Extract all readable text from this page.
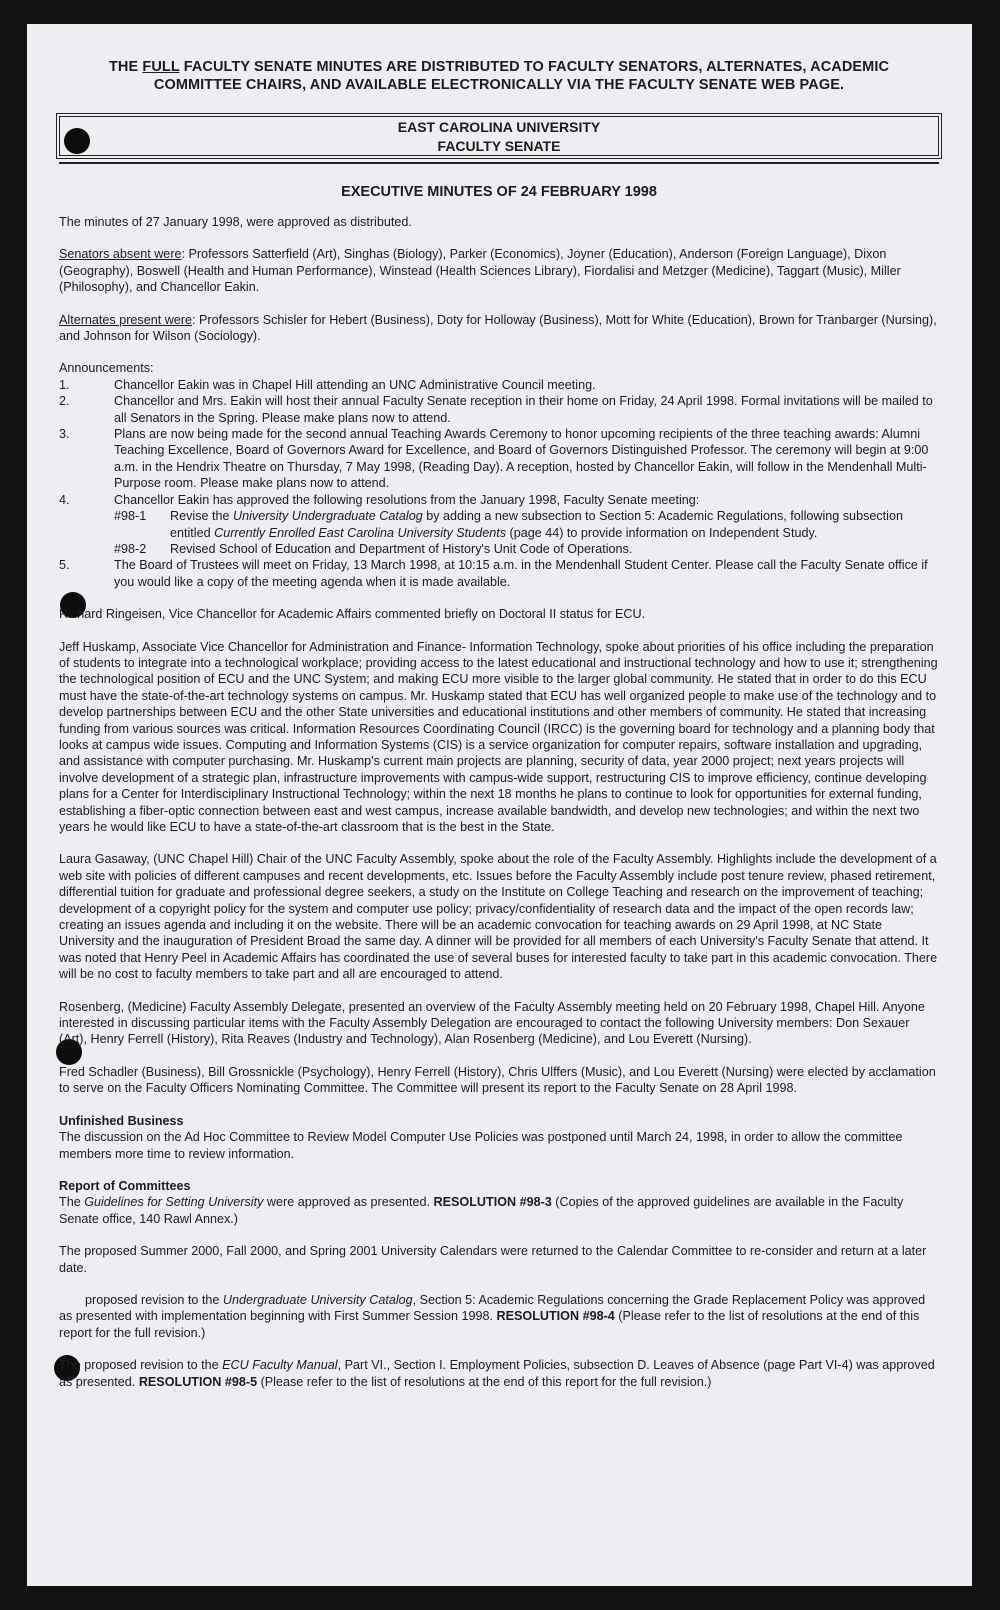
THE FULL FACULTY SENATE MINUTES ARE DISTRIBUTED TO FACULTY SENATORS, ALTERNATES, ACADEMIC COMMITTEE CHAIRS, AND AVAILABLE ELECTRONICALLY VIA THE FACULTY SENATE WEB PAGE.
EAST CAROLINA UNIVERSITY
FACULTY SENATE
EXECUTIVE MINUTES OF 24 FEBRUARY 1998

The minutes of 27 January 1998, were approved as distributed.

Senators absent were: Professors Satterfield (Art), Singhas (Biology), Parker (Economics), Joyner (Education), Anderson (Foreign Language), Dixon (Geography), Boswell (Health and Human Performance), Winstead (Health Sciences Library), Fiordalisi and Metzger (Medicine), Taggart (Music), Miller (Philosophy), and Chancellor Eakin.

Alternates present were: Professors Schisler for Hebert (Business), Doty for Holloway (Business), Mott for White (Education), Brown for Tranbarger (Nursing), and Johnson for Wilson (Sociology).

Announcements:

1.	Chancellor Eakin was in Chapel Hill attending an UNC Administrative Council meeting.
2.	Chancellor and Mrs. Eakin will host their annual Faculty Senate reception in their home on Friday, 24 April 1998. Formal invitations will be mailed to all Senators in the Spring. Please make plans now to attend.
3.	Plans are now being made for the second annual Teaching Awards Ceremony to honor upcoming recipients of the three teaching awards: Alumni Teaching Excellence, Board of Governors Award for Excellence, and Board of Governors Distinguished Professor. The ceremony will begin at 9:00 a.m. in the Hendrix Theatre on Thursday, 7 May 1998, (Reading Day). A reception, hosted by Chancellor Eakin, will follow in the Mendenhall Multi-Purpose room. Please make plans now to attend.
4.	Chancellor Eakin has approved the following resolutions from the January 1998, Faculty Senate meeting:
#98-1	Revise the University Undergraduate Catalog by adding a new subsection to Section 5: Academic Regulations, following subsection entitled Currently Enrolled East Carolina University Students (page 44) to provide information on Independent Study.
#98-2	Revised School of Education and Department of History's Unit Code of Operations.
5.	The Board of Trustees will meet on Friday, 13 March 1998, at 10:15 a.m. in the Mendenhall Student Center. Please call the Faculty Senate office if you would like a copy of the meeting agenda when it is made available.

Richard Ringeisen, Vice Chancellor for Academic Affairs commented briefly on Doctoral II status for ECU.

Jeff Huskamp, Associate Vice Chancellor for Administration and Finance- Information Technology, spoke about priorities of his office including the preparation of students to integrate into a technological workplace; providing access to the latest educational and instructional technology and how to use it; strengthening the technological position of ECU and the UNC System; and making ECU more visible to the larger global community. He stated that in order to do this ECU must have the state-of-the-art technology systems on campus. Mr. Huskamp stated that ECU has well organized people to make use of the technology and to develop partnerships between ECU and the other State universities and educational institutions and other members of community. He stated that increasing funding from various sources was critical. Information Resources Coordinating Council (IRCC) is the governing board for technology and a planning body that looks at campus wide issues. Computing and Information Systems (CIS) is a service organization for computer repairs, software installation and upgrading, and assistance with computer purchasing. Mr. Huskamp's current main projects are planning, security of data, year 2000 project; next years projects will involve development of a strategic plan, infrastructure improvements with campus-wide support, restructuring CIS to improve efficiency, continue developing plans for a Center for Interdisciplinary Instructional Technology; within the next 18 months he plans to continue to look for opportunities for external funding, establishing a fiber-optic connection between east and west campus, increase available bandwidth, and develop new technologies; and within the next two years he would like ECU to have a state-of-the-art classroom that is the best in the State.

Laura Gasaway, (UNC Chapel Hill) Chair of the UNC Faculty Assembly, spoke about the role of the Faculty Assembly. Highlights include the development of a web site with policies of different campuses and recent developments, etc. Issues before the Faculty Assembly include post tenure review, phased retirement, differential tuition for graduate and professional degree seekers, a study on the Institute on College Teaching and research on the improvement of teaching; development of a copyright policy for the system and computer use policy; privacy/confidentiality of research data and the impact of the open records law; creating an issues agenda and including it on the website. There will be an academic convocation for teaching awards on 29 April 1998, at NC State University and the inauguration of President Broad the same day. A dinner will be provided for all members of each University's Faculty Senate that attend. It was noted that Henry Peel in Academic Affairs has coordinated the use of several buses for interested faculty to take part in this academic convocation. There will be no cost to faculty members to take part and all are encouraged to attend.

Rosenberg, (Medicine) Faculty Assembly Delegate, presented an overview of the Faculty Assembly meeting held on 20 February 1998, Chapel Hill. Anyone interested in discussing particular items with the Faculty Assembly Delegation are encouraged to contact the following University members: Don Sexauer (Art), Henry Ferrell (History), Rita Reaves (Industry and Technology), Alan Rosenberg (Medicine), and Lou Everett (Nursing).

Fred Schadler (Business), Bill Grossnickle (Psychology), Henry Ferrell (History), Chris Ulffers (Music), and Lou Everett (Nursing) were elected by acclamation to serve on the Faculty Officers Nominating Committee. The Committee will present its report to the Faculty Senate on 28 April 1998.

Unfinished Business

The discussion on the Ad Hoc Committee to Review Model Computer Use Policies was postponed until March 24, 1998, in order to allow the committee members more time to review information.

Report of Committees

The Guidelines for Setting University were approved as presented. RESOLUTION #98-3 (Copies of the approved guidelines are available in the Faculty Senate office, 140 Rawl Annex.)

The proposed Summer 2000, Fall 2000, and Spring 2001 University Calendars were returned to the Calendar Committee to re-consider and return at a later date.

proposed revision to the Undergraduate University Catalog, Section 5: Academic Regulations concerning the Grade Replacement Policy was approved as presented with implementation beginning with First Summer Session 1998. RESOLUTION #98-4 (Please refer to the list of resolutions at the end of this report for the full revision.)

The proposed revision to the ECU Faculty Manual, Part VI., Section I. Employment Policies, subsection D. Leaves of Absence (page Part VI-4) was approved as presented. RESOLUTION #98-5 (Please refer to the list of resolutions at the end of this report for the full revision.)
